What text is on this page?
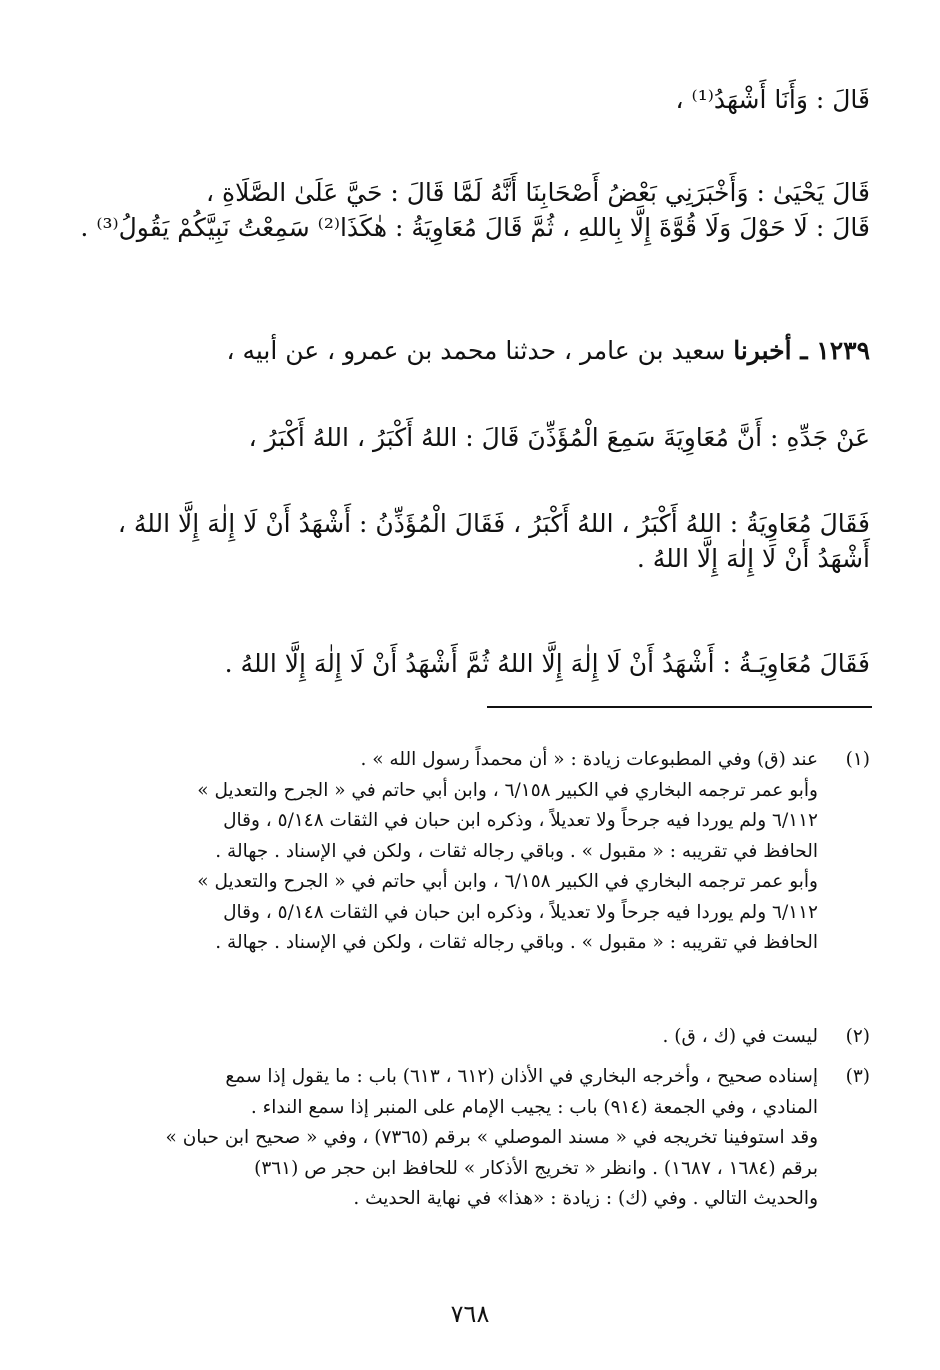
قَالَ : وَأَنَا أَشْهَدُ⁽¹⁾ ،
قَالَ يَحْيَىٰ : وَأَخْبَرَنِي بَعْضُ أَصْحَابِنَا أَنَّهُ لَمَّا قَالَ : حَيَّ عَلَىٰ الصَّلَاةِ ،
قَالَ : لَا حَوْلَ وَلَا قُوَّةَ إِلَّا بِاللهِ ، ثُمَّ قَالَ مُعَاوِيَةُ : هٰكَذَا⁽²⁾ سَمِعْتُ نَبِيَّكُمْ يَقُولُ⁽³⁾ .
١٢٣٩ ـ أخبرنا سعيد بن عامر ، حدثنا محمد بن عمرو ، عن أبيه ،
عَنْ جَدِّهِ : أَنَّ مُعَاوِيَةَ سَمِعَ الْمُؤَذِّنَ قَالَ : اللهُ أَكْبَرُ ، اللهُ أَكْبَرُ ،
فَقَالَ مُعَاوِيَةُ : اللهُ أَكْبَرُ ، اللهُ أَكْبَرُ ، فَقَالَ الْمُؤَذِّنُ : أَشْهَدُ أَنْ لَا إِلٰهَ إِلَّا اللهُ ،
أَشْهَدُ أَنْ لَا إِلٰهَ إِلَّا اللهُ .
فَقَالَ مُعَاوِيَـةُ : أَشْهَدُ أَنْ لَا إِلٰهَ إِلَّا اللهُ ثُمَّ أَشْهَدُ أَنْ لَا إِلٰهَ إِلَّا اللهُ .
(١)
عند (ق) وفي المطبوعات زيادة : « أن محمداً رسول الله » .
وأبو عمر ترجمه البخاري في الكبير ٦/١٥٨ ، وابن أبي حاتم في « الجرح والتعديل »
٦/١١٢ ولم يوردا فيه جرحاً ولا تعديلاً ، وذكره ابن حبان في الثقات ٥/١٤٨ ، وقال
الحافظ في تقريبه : « مقبول » . وباقي رجاله ثقات ، ولكن في الإسناد . جهالة .
وأبو عمر ترجمه البخاري في الكبير ٦/١٥٨ ، وابن أبي حاتم في « الجرح والتعديل »
٦/١١٢ ولم يوردا فيه جرحاً ولا تعديلاً ، وذكره ابن حبان في الثقات ٥/١٤٨ ، وقال
الحافظ في تقريبه : « مقبول » . وباقي رجاله ثقات ، ولكن في الإسناد . جهالة .
(٢)
ليست في (ك ، ق) .
(٣)
إسناده صحيح ، وأخرجه البخاري في الأذان (٦١٢ ، ٦١٣) باب : ما يقول إذا سمع
المنادي ، وفي الجمعة (٩١٤) باب : يجيب الإمام على المنبر إذا سمع النداء .
وقد استوفينا تخريجه في « مسند الموصلي » برقم (٧٣٦٥) ، وفي « صحيح ابن حبان »
برقم (١٦٨٤ ، ١٦٨٧) . وانظر « تخريج الأذكار » للحافظ ابن حجر ص (٣٦١)
والحديث التالي . وفي (ك) : زيادة : «هذا» في نهاية الحديث .
٧٦٨
